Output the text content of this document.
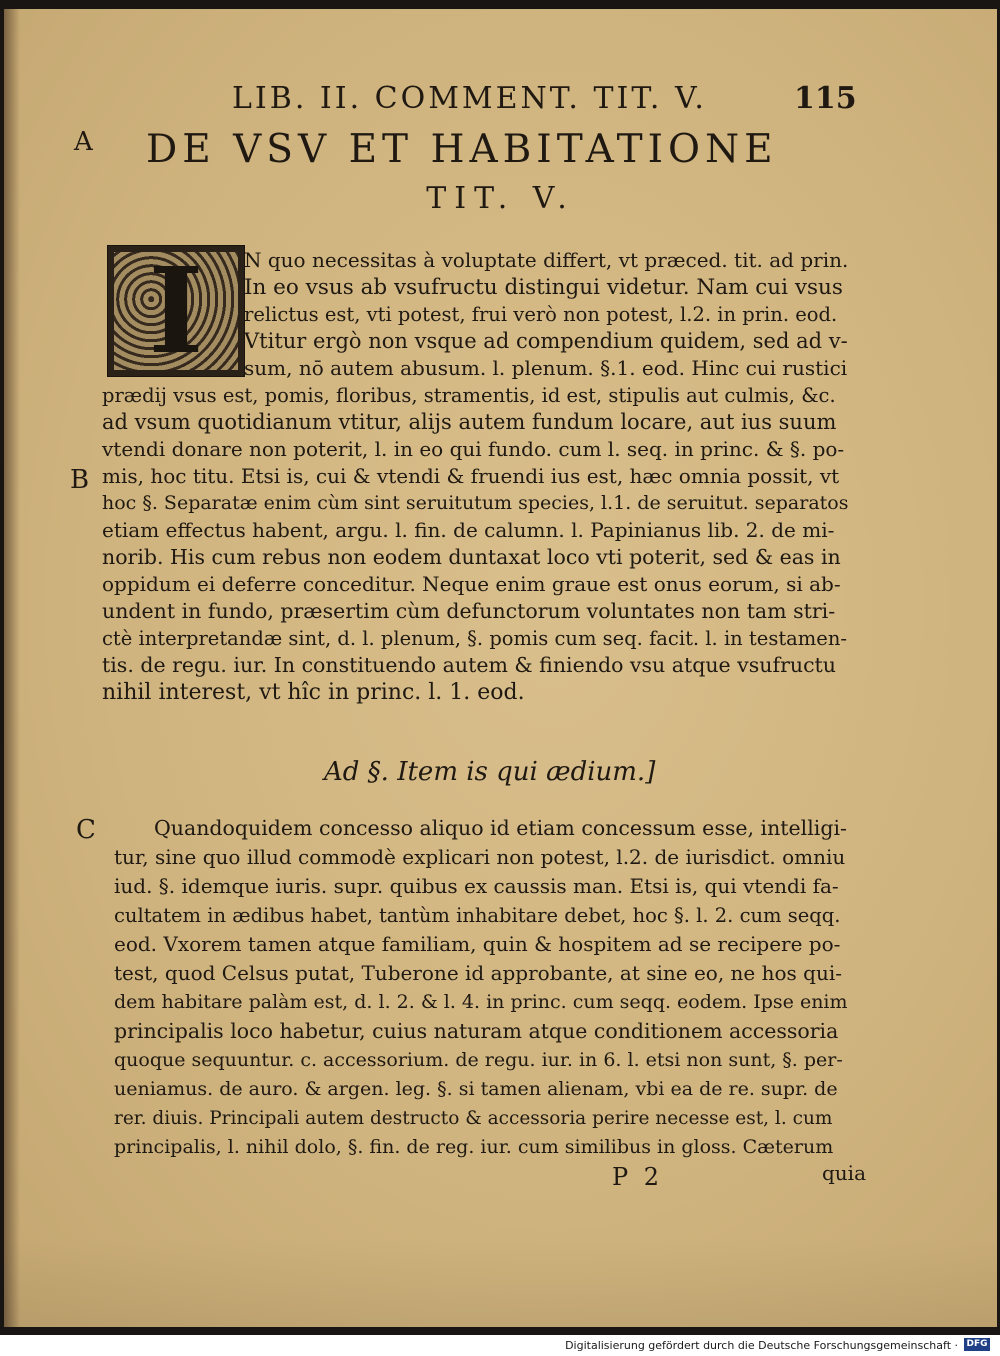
LIB. II. COMMENT. TIT. V.	115
A DE VSV ET HABITATIONE
TIT. V.
I	N quo necessitas à voluptate differt, vt præced. tit. ad prin.
In eo vsus ab vsufructu distingui videtur. Nam cui vsus
relictus est, vti potest, frui verò non potest, l.2. in prin. eod.
Vtitur ergò non vsque ad compendium quidem, sed ad v-
sum, nō autem abusum. l. plenum. §.1. eod. Hinc cui rustici
prædij vsus est, pomis, floribus, stramentis, id est, stipulis aut culmis, &c.
ad vsum quotidianum vtitur, alijs autem fundum locare, aut ius suum
vtendi donare non poterit, l. in eo qui fundo. cum l. seq. in princ. & §. po-
B mis, hoc titu. Etsi is, cui & vtendi & fruendi ius est, hæc omnia possit, vt
hoc §. Separatæ enim cùm sint seruitutum species, l.1. de seruitut. separatos
etiam effectus habent, argu. l. fin. de calumn. l. Papinianus lib. 2. de mi-
norib. His cum rebus non eodem duntaxat loco vti poterit, sed & eas in
oppidum ei deferre conceditur. Neque enim graue est onus eorum, si ab-
undent in fundo, præsertim cùm defunctorum voluntates non tam stri-
ctè interpretandæ sint, d. l. plenum, §. pomis cum seq. facit. l. in testamen-
tis. de regu. iur. In constituendo autem & finiendo vsu atque vsufructu
nihil interest, vt hîc in princ. l. 1. eod.
Ad §. Item is qui ædium.]
C	Quandoquidem concesso aliquo id etiam concessum esse, intelligi-
tur, sine quo illud commodè explicari non potest, l.2. de iurisdict. omniu
iud. §. idemque iuris. supr. quibus ex caussis man. Etsi is, qui vtendi fa-
cultatem in ædibus habet, tantùm inhabitare debet, hoc §. l. 2. cum seqq.
eod. Vxorem tamen atque familiam, quin & hospitem ad se recipere po-
test, quod Celsus putat, Tuberone id approbante, at sine eo, ne hos qui-
dem habitare palàm est, d. l. 2. & l. 4. in princ. cum seqq. eodem. Ipse enim
principalis loco habetur, cuius naturam atque conditionem accessoria
quoque sequuntur. c. accessorium. de regu. iur. in 6. l. etsi non sunt, §. per-
ueniamus. de auro. & argen. leg. §. si tamen alienam, vbi ea de re. supr. de
rer. diuis. Principali autem destructo & accessoria perire necesse est, l. cum
principalis, l. nihil dolo, §. fin. de reg. iur. cum similibus in gloss. Cæterum
P 2	quia
Digitalisierung gefördert durch die Deutsche Forschungsgemeinschaft · DFG
